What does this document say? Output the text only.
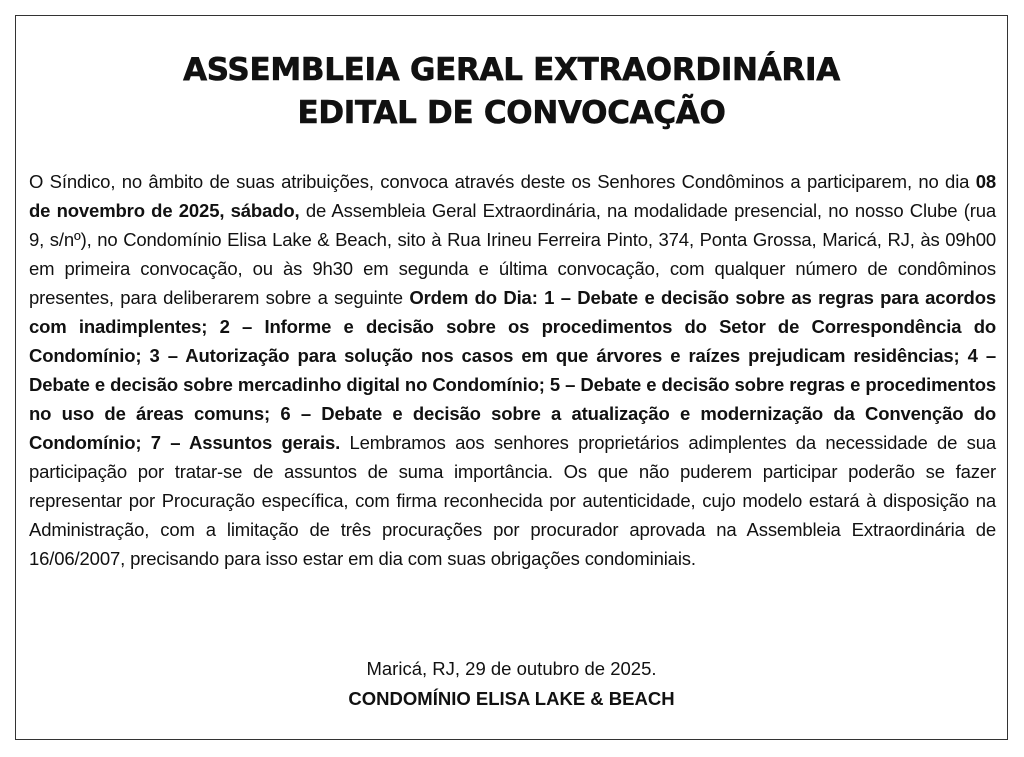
ASSEMBLEIA GERAL EXTRAORDINÁRIA
EDITAL DE CONVOCAÇÃO
O Síndico, no âmbito de suas atribuições, convoca através deste os Senhores Condôminos a participarem, no dia 08 de novembro de 2025, sábado, de Assembleia Geral Extraordinária, na modalidade presencial, no nosso Clube (rua 9, s/nº), no Condomínio Elisa Lake & Beach, sito à Rua Irineu Ferreira Pinto, 374, Ponta Grossa, Maricá, RJ, às 09h00 em primeira convocação, ou às 9h30 em segunda e última convocação, com qualquer número de condôminos presentes, para deliberarem sobre a seguinte Ordem do Dia: 1 – Debate e decisão sobre as regras para acordos com inadimplentes; 2 – Informe e decisão sobre os procedimentos do Setor de Correspondência do Condomínio; 3 – Autorização para solução nos casos em que árvores e raízes prejudicam residências; 4 – Debate e decisão sobre mercadinho digital no Condomínio; 5 – Debate e decisão sobre regras e procedimentos no uso de áreas comuns; 6 – Debate e decisão sobre a atualização e modernização da Convenção do Condomínio; 7 – Assuntos gerais. Lembramos aos senhores proprietários adimplentes da necessidade de sua participação por tratar-se de assuntos de suma importância. Os que não puderem participar poderão se fazer representar por Procuração específica, com firma reconhecida por autenticidade, cujo modelo estará à disposição na Administração, com a limitação de três procurações por procurador aprovada na Assembleia Extraordinária de 16/06/2007, precisando para isso estar em dia com suas obrigações condominiais.
Maricá, RJ, 29 de outubro de 2025.
CONDOMÍNIO ELISA LAKE & BEACH
